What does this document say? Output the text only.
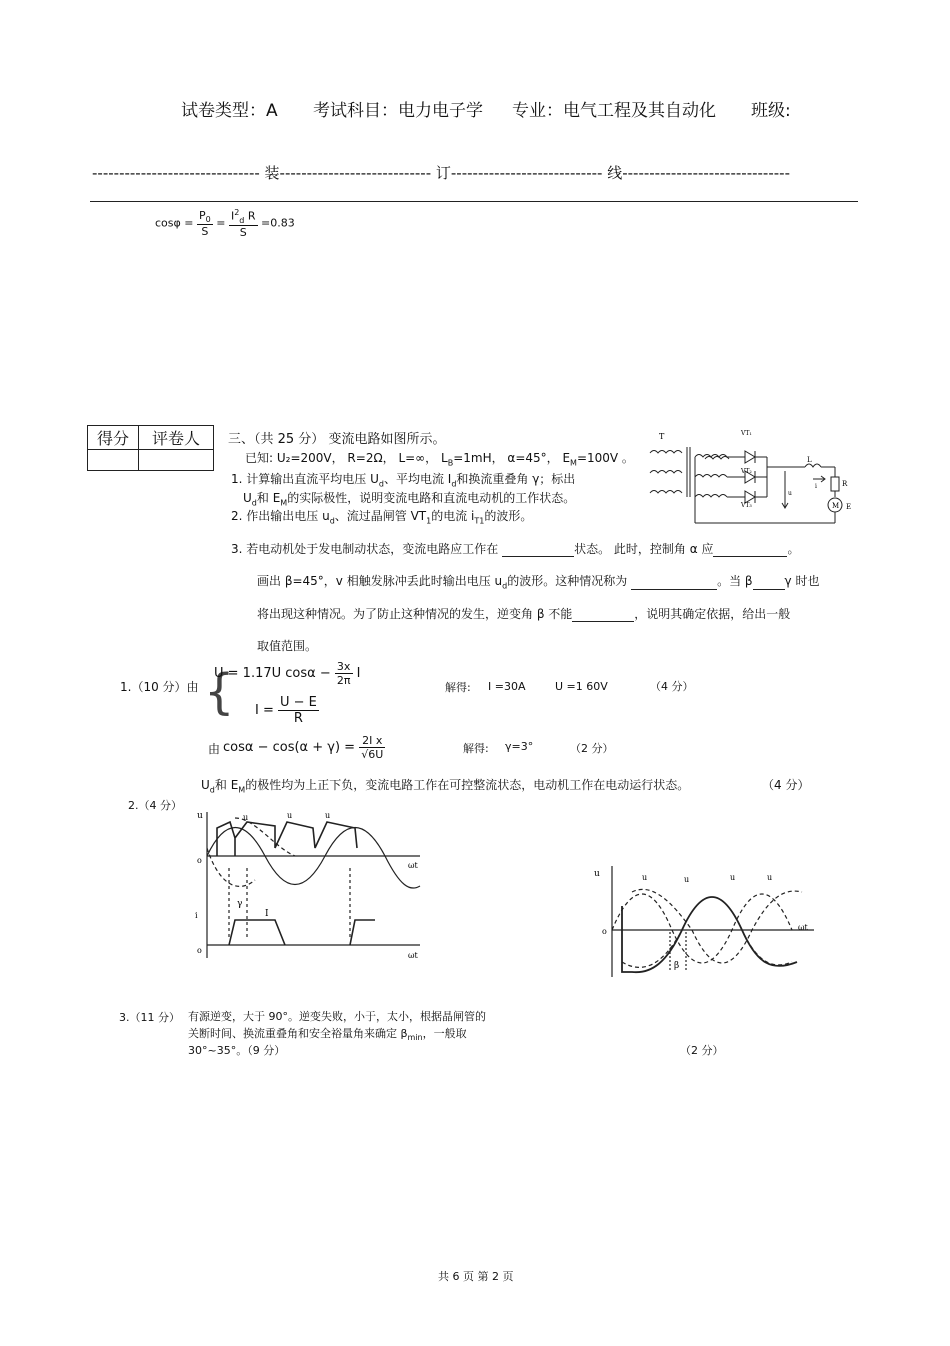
试卷类型：A 考试科目：电力电子学 专业：电气工程及其自动化 班级:
------------------------------- 装---------------------------- 订---------------------------- 线-------------------------------
$\cos\varphi = \frac{P_0}{S} = \frac{I^2_d R}{S} =0.83$
得分	评卷人
	三、（共 25 分） 变流电路如图所示。
已知: U₂=200V， R=2Ω， L=∞， $L_B=1mH$， α=45°， $E_M=100V$ 。
1. 计算输出直流平均电压 $U_d$、平均电流 $I_d$和换流重叠角 γ；标出
$U_d$和 $E_M$的实际极性，说明变流电路和直流电动机的工作状态。
2. 作出输出电压 $u_d$、流过晶闸管 $VT_1$的电流 $i_{T1}$的波形。
3. 若电动机处于发电制动状态，变流电路应工作在	状态。 此时，控制角 α 应	。
画出 β=45°，v 相触发脉冲丢此时输出电压 $u_d$的波形。这种情况称为	。当 β	γ 时也
将出现这种情况。为了防止这种情况的发生，逆变角 β 不能	，说明其确定依据，给出一般
取值范围。
T	VT₁
VT₂
VT₃
L
R
M E
i
u
1.（10 分）由 {
U = 1.17U $\cos\alpha - \frac{3x}{2\pi}$ I
$I = \frac{U - E}{R}$
解得: I =30A	U =1 60V	（4 分）
由 $\cos\alpha - \cos(\alpha + \gamma) = \frac{\text{2I x}}{√6U}$	解得: γ=3°	（2 分）
$U_d$和 $E_M$的极性均为上正下负，变流电路工作在可控整流状态，电动机工作在电动运行状态。	（4 分）
2.（4 分）
u	u	u	u
o
ωt
i	I
γ
o
ωt
u	u	u	u	u
o	ωt
β
3.（11 分） 有源逆变，大于 90°。逆变失败，小于，太小，根据晶闸管的
关断时间、换流重叠角和安全裕量角来确定 $\beta_{min}$，一般取
30°~35°。（9 分）	（2 分）
共 6 页 第 2 页
